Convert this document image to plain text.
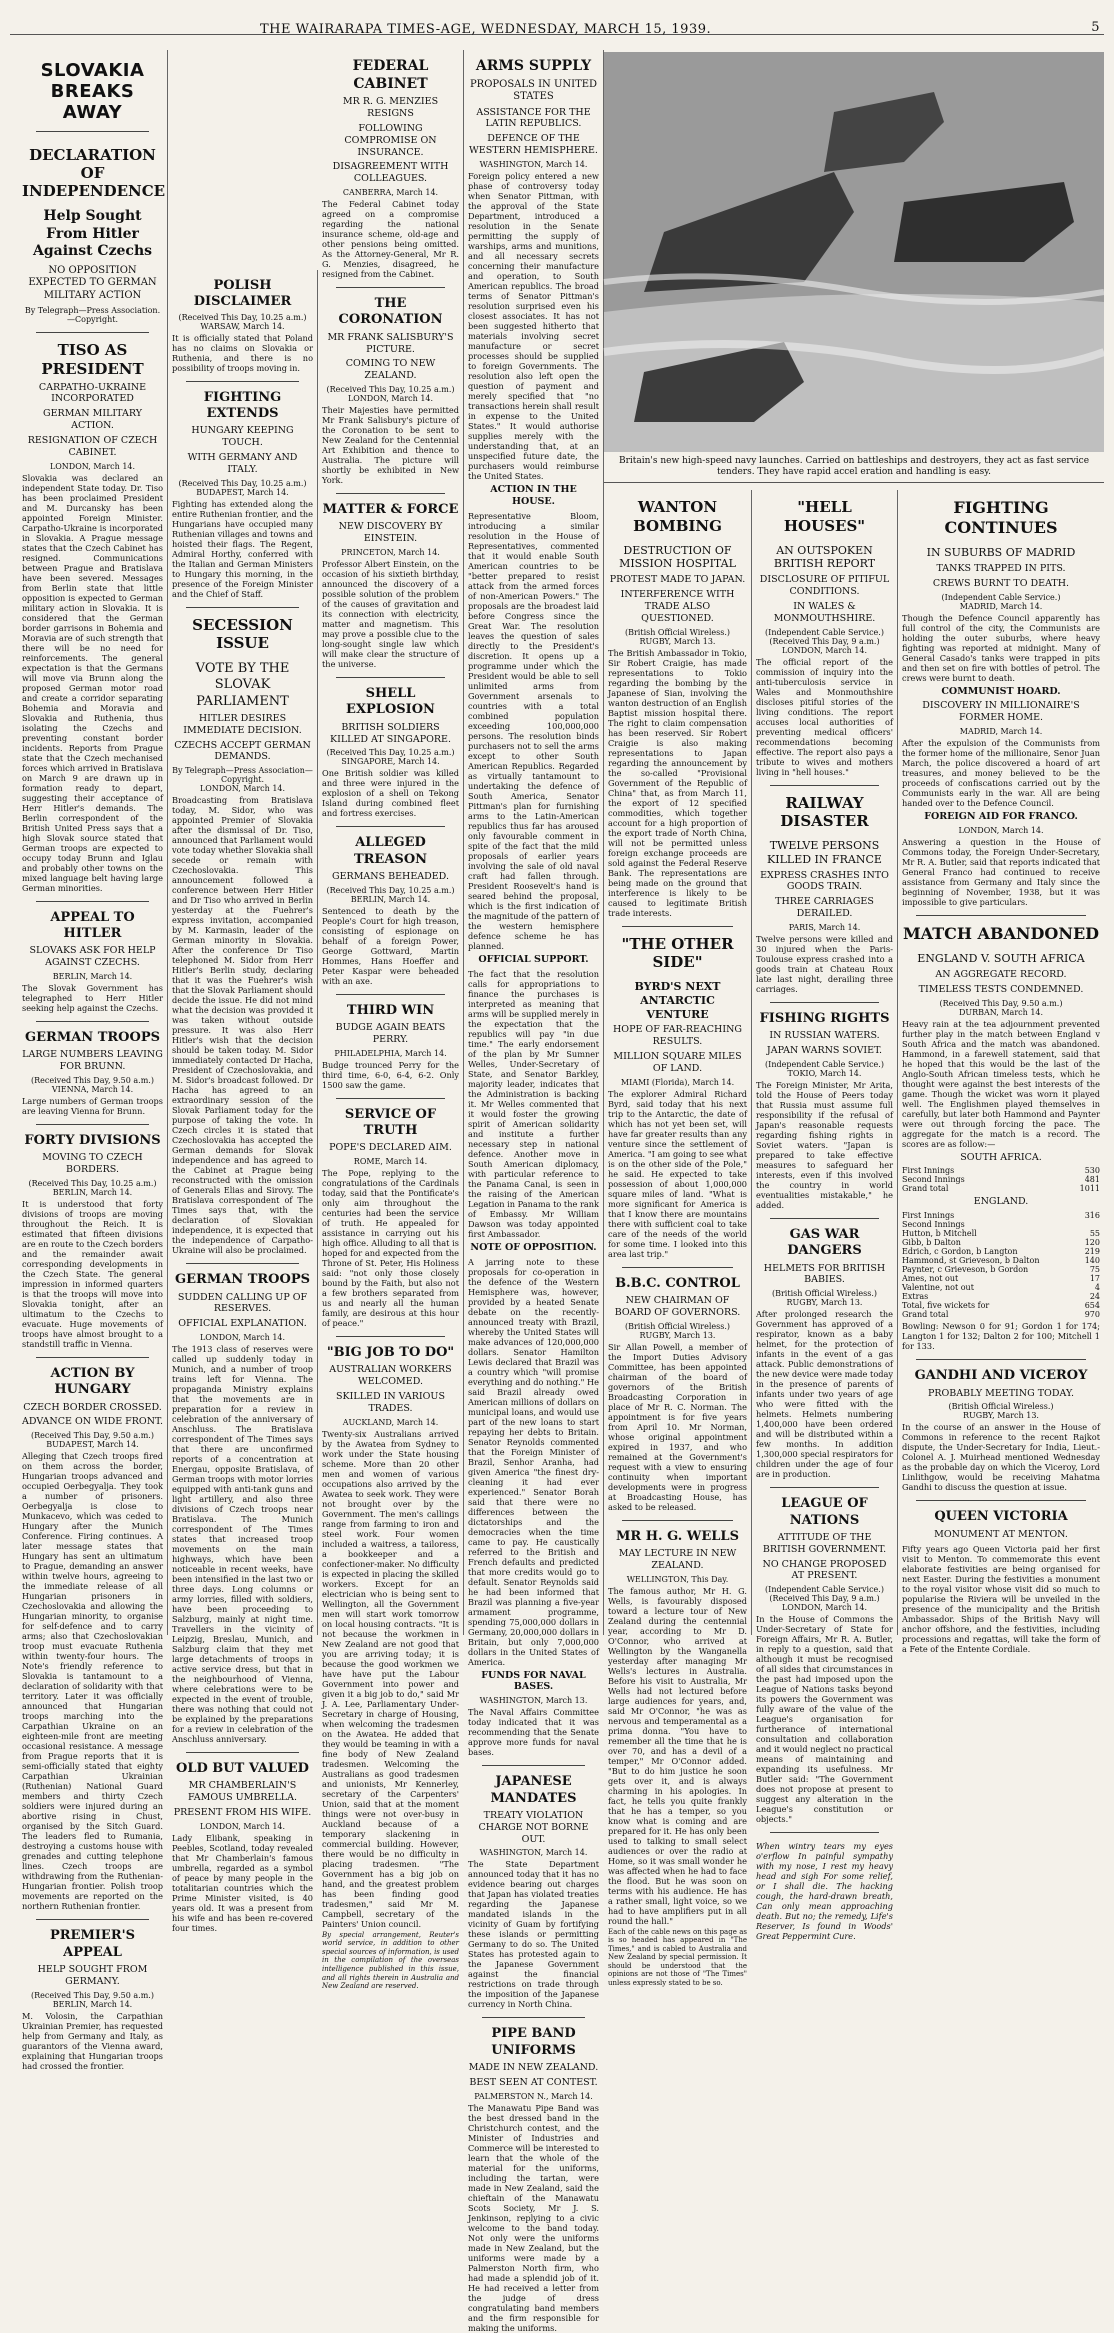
THE WAIRARAPA TIMES-AGE, WEDNESDAY, MARCH 15, 1939.	5
SLOVAKIA BREAKS AWAY
DECLARATION OF INDEPENDENCE
Help Sought From Hitler Against Czechs
NO OPPOSITION EXPECTED TO GERMAN MILITARY ACTION
By Telegraph—Press Association.—Copyright.
TISO AS PRESIDENT
CARPATHO-UKRAINE INCORPORATED
GERMAN MILITARY ACTION.
RESIGNATION OF CZECH CABINET.
LONDON, March 14.
Slovakia was declared an independent State today. Dr. Tiso has been proclaimed President and M. Durcansky has been appointed Foreign Minister. Carpatho-Ukraine is incorporated in Slovakia. A Prague message states that the Czech Cabinet has resigned. Communications between Prague and Bratislava have been severed. Messages from Berlin state that little opposition is expected to German military action in Slovakia. It is considered that the German border garrisons in Bohemia and Moravia are of such strength that there will be no need for reinforcements. The general expectation is that the Germans will move via Brunn along the proposed German motor road and create a corridor separating Bohemia and Moravia and Slovakia and Ruthenia, thus isolating the Czechs and preventing constant border incidents. Reports from Prague state that the Czech mechanised forces which arrived in Bratislava on March 9 are drawn up in formation ready to depart, suggesting their acceptance of Herr Hitler's demands. The Berlin correspondent of the British United Press says that a high Slovak source stated that German troops are expected to occupy today Brunn and Iglau and probably other towns on the mixed language belt having large German minorities.
APPEAL TO HITLER
SLOVAKS ASK FOR HELP AGAINST CZECHS.
BERLIN, March 14.
The Slovak Government has telegraphed to Herr Hitler seeking help against the Czechs.
GERMAN TROOPS
LARGE NUMBERS LEAVING FOR BRUNN.
(Received This Day, 9.50 a.m.)
VIENNA, March 14.
Large numbers of German troops are leaving Vienna for Brunn.
FORTY DIVISIONS
MOVING TO CZECH BORDERS.
(Received This Day, 10.25 a.m.)
BERLIN, March 14.
It is understood that forty divisions of troops are moving throughout the Reich. It is estimated that fifteen divisions are en route to the Czech borders and the remainder await corresponding developments in the Czech State. The general impression in informed quarters is that the troops will move into Slovakia tonight, after an ultimatum to the Czechs to evacuate. Huge movements of troops have almost brought to a standstill traffic in Vienna.
ACTION BY HUNGARY
CZECH BORDER CROSSED.
ADVANCE ON WIDE FRONT.
(Received This Day, 9.50 a.m.)
BUDAPEST, March 14.
Alleging that Czech troops fired on them across the border, Hungarian troops advanced and occupied Oerbegyalja. They took a number of prisoners. Oerbegyalja is close to Munkacevo, which was ceded to Hungary after the Munich Conference. Firing continues. A later message states that Hungary has sent an ultimatum to Prague, demanding an answer within twelve hours, agreeing to the immediate release of all Hungarian prisoners in Czechoslovakia and allowing the Hungarian minority, to organise for self-defence and to carry arms; also that Czechoslovakian troop must evacuate Ruthenia within twenty-four hours. The Note's friendly reference to Slovakia is tantamount to a declaration of solidarity with that territory. Later it was officially announced that Hungarian troops marching into the Carpathian Ukraine on an eighteen-mile front are meeting occasional resistance. A message from Prague reports that it is semi-officially stated that eighty Carpathian Ukrainian (Ruthenian) National Guard members and thirty Czech soldiers were injured during an abortive rising in Chust, organised by the Sitch Guard. The leaders fled to Rumania, destroying a customs house with grenades and cutting telephone lines. Czech troops are withdrawing from the Ruthenian-Hungarian frontier. Polish troop movements are reported on the northern Ruthenian frontier.
PREMIER'S APPEAL
HELP SOUGHT FROM GERMANY.
(Received This Day, 9.50 a.m.)
BERLIN, March 14.
M. Volosin, the Carpathian Ukrainian Premier, has requested help from Germany and Italy, as guarantors of the Vienna award, explaining that Hungarian troops had crossed the frontier.
POLISH DISCLAIMER
(Received This Day, 10.25 a.m.)
WARSAW, March 14.
It is officially stated that Poland has no claims on Slovakia or Ruthenia, and there is no possibility of troops moving in.
FIGHTING EXTENDS
HUNGARY KEEPING TOUCH.
WITH GERMANY AND ITALY.
(Received This Day, 10.25 a.m.)
BUDAPEST, March 14.
Fighting has extended along the entire Ruthenian frontier, and the Hungarians have occupied many Ruthenian villages and towns and hoisted their flags. The Regent, Admiral Horthy, conferred with the Italian and German Ministers to Hungary this morning, in the presence of the Foreign Minister and the Chief of Staff.
SECESSION ISSUE
VOTE BY THE SLOVAK PARLIAMENT
HITLER DESIRES IMMEDIATE DECISION.
CZECHS ACCEPT GERMAN DEMANDS.
By Telegraph—Press Association—Copyright.
LONDON, March 14.
Broadcasting from Bratislava today, M. Sidor, who was appointed Premier of Slovakia after the dismissal of Dr. Tiso, announced that Parliament would vote today whether Slovakia shall secede or remain with Czechoslovakia. This announcement followed a conference between Herr Hitler and Dr Tiso who arrived in Berlin yesterday at the Fuehrer's express invitation, accompanied by M. Karmasin, leader of the German minority in Slovakia. After the conference Dr Tiso telephoned M. Sidor from Herr Hitler's Berlin study, declaring that it was the Fuehrer's wish that the Slovak Parliament should decide the issue. He did not mind what the decision was provided it was taken without outside pressure. It was also Herr Hitler's wish that the decision should be taken today. M. Sidor immediately contacted Dr Hacha, President of Czechoslovakia, and M. Sidor's broadcast followed. Dr Hacha has agreed to an extraordinary session of the Slovak Parliament today for the purpose of taking the vote. In Czech circles it is stated that Czechoslovakia has accepted the German demands for Slovak independence and has agreed to the Cabinet at Prague being reconstructed with the omission of Generals Elias and Sirovy. The Bratislava correspondent of The Times says that, with the declaration of Slovakian independence, it is expected that the independence of Carpatho-Ukraine will also be proclaimed.
GERMAN TROOPS
SUDDEN CALLING UP OF RESERVES.
OFFICIAL EXPLANATION.
LONDON, March 14.
The 1913 class of reserves were called up suddenly today in Munich, and a number of troop trains left for Vienna. The propaganda Ministry explains that the movements are in preparation for a review in celebration of the anniversary of Anschluss. The Bratislava correspondent of The Times says that there are unconfirmed reports of a concentration at Energau, opposite Bratislava, of German troops with motor lorries equipped with anti-tank guns and light artillery, and also three divisions of Czech troops near Bratislava. The Munich correspondent of The Times states that increased troop movements on the main highways, which have been noticeable in recent weeks, have been intensified in the last two or three days. Long columns or army lorries, filled with soldiers, have been proceeding to Salzburg, mainly at night time. Travellers in the vicinity of Leipzig, Breslau, Munich, and Salzburg claim that they met large detachments of troops in active service dress, but that in the neighbourhood of Vienna, where celebrations were to be expected in the event of trouble, there was nothing that could not be explained by the preparations for a review in celebration of the Anschluss anniversary.
OLD BUT VALUED
MR CHAMBERLAIN'S FAMOUS UMBRELLA.
PRESENT FROM HIS WIFE.
LONDON, March 14.
Lady Elibank, speaking in Peebles, Scotland, today revealed that Mr Chamberlain's famous umbrella, regarded as a symbol of peace by many people in the totalitarian countries which the Prime Minister visited, is 40 years old. It was a present from his wife and has been re-covered four times.
FEDERAL CABINET
MR R. G. MENZIES RESIGNS
FOLLOWING COMPROMISE ON INSURANCE.
DISAGREEMENT WITH COLLEAGUES.
CANBERRA, March 14.
The Federal Cabinet today agreed on a compromise regarding the national insurance scheme, old-age and other pensions being omitted. As the Attorney-General, Mr R. G. Menzies, disagreed, he resigned from the Cabinet.
THE CORONATION
MR FRANK SALISBURY'S PICTURE.
COMING TO NEW ZEALAND.
(Received This Day, 10.25 a.m.)
LONDON, March 14.
Their Majesties have permitted Mr Frank Salisbury's picture of the Coronation to be sent to New Zealand for the Centennial Art Exhibition and thence to Australia. The picture will shortly be exhibited in New York.
MATTER & FORCE
NEW DISCOVERY BY EINSTEIN.
PRINCETON, March 14.
Professor Albert Einstein, on the occasion of his sixtieth birthday, announced the discovery of a possible solution of the problem of the causes of gravitation and its connection with electricity, matter and magnetism. This may prove a possible clue to the long-sought single law which will make clear the structure of the universe.
SHELL EXPLOSION
BRITISH SOLDIERS KILLED AT SINGAPORE.
(Received This Day, 10.25 a.m.)
SINGAPORE, March 14.
One British soldier was killed and three were injured in the explosion of a shell on Tekong Island during combined fleet and fortress exercises.
ALLEGED TREASON
GERMANS BEHEADED.
(Received This Day, 10.25 a.m.)
BERLIN, March 14.
Sentenced to death by the People's Court for high treason, consisting of espionage on behalf of a foreign Power, George Gottward, Martin Hommes, Hans Hoeffer and Peter Kaspar were beheaded with an axe.
THIRD WIN
BUDGE AGAIN BEATS PERRY.
PHILADELPHIA, March 14.
Budge trounced Perry for the third time, 6-0, 6-4, 6-2. Only 1500 saw the game.
SERVICE OF TRUTH
POPE'S DECLARED AIM.
ROME, March 14.
The Pope, replying to the congratulations of the Cardinals today, said that the Pontificate's only aim throughout the centuries had been the service of truth. He appealed for assistance in carrying out his high office. Alluding to all that is hoped for and expected from the Throne of St. Peter, His Holiness said: "not only those closely bound by the Faith, but also not a few brothers separated from us and nearly all the human family, are desirous at this hour of peace."
"BIG JOB TO DO"
AUSTRALIAN WORKERS WELCOMED.
SKILLED IN VARIOUS TRADES.
AUCKLAND, March 14.
Twenty-six Australians arrived by the Awatea from Sydney to work under the State housing scheme. More than 20 other men and women of various occupations also arrived by the Awatea to seek work. They were not brought over by the Government. The men's callings range from farming to iron and steel work. Four women included a waitress, a tailoress, a bookkeeper and a confectioner-maker. No difficulty is expected in placing the skilled workers. Except for an electrician who is being sent to Wellington, all the Government men will start work tomorrow on local housing contracts. "It is not because the workmen in New Zealand are not good that you are arriving today; it is because the good workmen we have have put the Labour Government into power and given it a big job to do," said Mr J. A. Lee, Parliamentary Under-Secretary in charge of Housing, when welcoming the tradesmen on the Awatea. He added that they would be teaming in with a fine body of New Zealand tradesmen. Welcoming the Australians as good tradesmen and unionists, Mr Kennerley, secretary of the Carpenters' Union, said that at the moment things were not over-busy in Auckland because of a temporary slackening in commercial building. However, there would be no difficulty in placing tradesmen. "The Government has a big job on hand, and the greatest problem has been finding good tradesmen," said Mr M. Campbell, secretary of the Painters' Union council.
By special arrangement, Reuter's world service, in addition to other special sources of information, is used in the compilation of the overseas intelligence published in this issue, and all rights therein in Australia and New Zealand are reserved.
ARMS SUPPLY
PROPOSALS IN UNITED STATES
ASSISTANCE FOR THE LATIN REPUBLICS.
DEFENCE OF THE WESTERN HEMISPHERE.
WASHINGTON, March 14.
Foreign policy entered a new phase of controversy today when Senator Pittman, with the approval of the State Department, introduced a resolution in the Senate permitting the supply of warships, arms and munitions, and all necessary secrets concerning their manufacture and operation, to South American republics. The broad terms of Senator Pittman's resolution surprised even his closest associates. It has not been suggested hitherto that materials involving secret manufacture or secret processes should be supplied to foreign Governments. The resolution also left open the question of payment and merely specified that "no transactions herein shall result in expense to the United States." It would authorise supplies merely with the understanding that, at an unspecified future date, the purchasers would reimburse the United States.
ACTION IN THE HOUSE.
Representative Bloom, introducing a similar resolution in the House of Representatives, commented that it would enable South American countries to be "better prepared to resist attack from the armed forces of non-American Powers." The proposals are the broadest laid before Congress since the Great War. The resolution leaves the question of sales directly to the President's discretion. It opens up a programme under which the President would be able to sell unlimited arms from Government arsenals to countries with a total combined population exceeding 100,000,000 persons. The resolution binds purchasers not to sell the arms except to other South American Republics. Regarded as virtually tantamount to undertaking the defence of South America, Senator Pittman's plan for furnishing arms to the Latin-American republics thus far has aroused only favourable comment in spite of the fact that the mild proposals of earlier years involving the sale of old naval craft had fallen through. President Roosevelt's hand is seared behind the proposal, which is the first indication of the magnitude of the pattern of the western hemisphere defence scheme he has planned.
OFFICIAL SUPPORT.
The fact that the resolution calls for appropriations to finance the purchases is interpreted as meaning that arms will be supplied merely in the expectation that the republics will pay "in due time." The early endorsement of the plan by Mr Sumner Welles, Under-Secretary of State, and Senator Barkley, majority leader, indicates that the Administration is backing it. Mr Welles commented that it would foster the growing spirit of American solidarity and institute a further necessary step in national defence. Another move in South American diplomacy, with particular reference to the Panama Canal, is seen in the raising of the American Legation in Panama to the rank of Embassy. Mr William Dawson was today appointed first Ambassador.
NOTE OF OPPOSITION.
A jarring note to these proposals for co-operation in the defence of the Western Hemisphere was, however, provided by a heated Senate debate on the recently-announced treaty with Brazil, whereby the United States will make advances of 120,000,000 dollars. Senator Hamilton Lewis declared that Brazil was a country which "will promise everything and do nothing." He said Brazil already owed American millions of dollars on municipal loans, and would use part of the new loans to start repaying her debts to Britain. Senator Reynolds commented that the Foreign Minister of Brazil, Senhor Aranha, had given America "the finest dry-cleaning it had ever experienced." Senator Borah said that there were no differences between the dictatorships and the democracies when the time came to pay. He caustically referred to the British and French defaults and predicted that more credits would go to default. Senator Reynolds said he had been informed that Brazil was planning a five-year armament programme, spending 75,000,000 dollars in Germany, 20,000,000 dollars in Britain, but only 7,000,000 dollars in the United States of America.
FUNDS FOR NAVAL BASES.
WASHINGTON, March 13.
The Naval Affairs Committee today indicated that it was recommending that the Senate approve more funds for naval bases.
JAPANESE MANDATES
TREATY VIOLATION CHARGE NOT BORNE OUT.
WASHINGTON, March 14.
The State Department announced today that it has no evidence bearing out charges that Japan has violated treaties regarding the Japanese mandated islands in the vicinity of Guam by fortifying these islands or permitting Germany to do so. The United States has protested again to the Japanese Government against the financial restrictions on trade through the imposition of the Japanese currency in North China.
PIPE BAND UNIFORMS
MADE IN NEW ZEALAND.
BEST SEEN AT CONTEST.
PALMERSTON N., March 14.
The Manawatu Pipe Band was the best dressed band in the Christchurch contest, and the Minister of Industries and Commerce will be interested to learn that the whole of the material for the uniforms, including the tartan, were made in New Zealand, said the chieftain of the Manawatu Scots Society, Mr J. S. Jenkinson, replying to a civic welcome to the band today. Not only were the uniforms made in New Zealand, but the uniforms were made by a Palmerston North firm, who had made a splendid job of it. He had received a letter from the judge of dress congratulating band members and the firm responsible for making the uniforms.
Britain's new high-speed navy launches. Carried on battleships and destroyers, they act as fast service tenders. They have rapid accel eration and handling is easy.
WANTON BOMBING
DESTRUCTION OF MISSION HOSPITAL
PROTEST MADE TO JAPAN.
INTERFERENCE WITH TRADE ALSO QUESTIONED.
(British Official Wireless.)
RUGBY, March 13.
The British Ambassador in Tokio, Sir Robert Craigie, has made representations to Tokio regarding the bombing by the Japanese of Sian, involving the wanton destruction of an English Baptist mission hospital there. The right to claim compensation has been reserved. Sir Robert Craigie is also making representations to Japan regarding the announcement by the so-called "Provisional Government of the Republic of China" that, as from March 11, the export of 12 specified commodities, which together account for a high proportion of the export trade of North China, will not be permitted unless foreign exchange proceeds are sold against the Federal Reserve Bank. The representations are being made on the ground that interference is likely to be caused to legitimate British trade interests.
"THE OTHER SIDE"
BYRD'S NEXT ANTARCTIC VENTURE
HOPE OF FAR-REACHING RESULTS.
MILLION SQUARE MILES OF LAND.
MIAMI (Florida), March 14.
The explorer Admiral Richard Byrd, said today that his next trip to the Antarctic, the date of which has not yet been set, will have far greater results than any venture since the settlement of America. "I am going to see what is on the other side of the Pole," he said. He expected to take possession of about 1,000,000 square miles of land. "What is more significant for America is that I know there are mountains there with sufficient coal to take care of the needs of the world for some time. I looked into this area last trip."
B.B.C. CONTROL
NEW CHAIRMAN OF BOARD OF GOVERNORS.
(British Official Wireless.)
RUGBY, March 13.
Sir Allan Powell, a member of the Import Duties Advisory Committee, has been appointed chairman of the board of governors of the British Broadcasting Corporation in place of Mr R. C. Norman. The appointment is for five years from April 10. Mr Norman, whose original appointment expired in 1937, and who remained at the Government's request with a view to ensuring continuity when important developments were in progress at Broadcasting House, has asked to be released.
MR H. G. WELLS
MAY LECTURE IN NEW ZEALAND.
WELLINGTON, This Day.
The famous author, Mr H. G. Wells, is favourably disposed toward a lecture tour of New Zealand during the centennial year, according to Mr D. O'Connor, who arrived at Wellington by the Wanganella yesterday after managing Mr Wells's lectures in Australia. Before his visit to Australia, Mr Wells had not lectured before large audiences for years, and, said Mr O'Connor, "he was as nervous and temperamental as a prima donna. "You have to remember all the time that he is over 70, and has a devil of a temper," Mr O'Connor added. "But to do him justice he soon gets over it, and is always charming in his apologies. In fact, he tells you quite frankly that he has a temper, so you know what is coming and are prepared for it. He has only been used to talking to small select audiences or over the radio at Home, so it was small wonder he was affected when he had to face the flood. But he was soon on terms with his audience. He has a rather small, light voice, so we had to have amplifiers put in all round the hall."
Each of the cable news on this page as is so headed has appeared in "The Times," and is cabled to Australia and New Zealand by special permission. It should be understood that the opinions are not those of "The Times" unless expressly stated to be so.
"HELL HOUSES"
AN OUTSPOKEN BRITISH REPORT
DISCLOSURE OF PITIFUL CONDITIONS.
IN WALES & MONMOUTHSHIRE.
(Independent Cable Service.)
(Received This Day, 9 a.m.)
LONDON, March 14.
The official report of the commission of inquiry into the anti-tuberculosis service in Wales and Monmouthshire discloses pitiful stories of the living conditions. The report accuses local authorities of preventing medical officers' recommendations becoming effective. The report also pays a tribute to wives and mothers living in "hell houses."
RAILWAY DISASTER
TWELVE PERSONS KILLED IN FRANCE
EXPRESS CRASHES INTO GOODS TRAIN.
THREE CARRIAGES DERAILED.
PARIS, March 14.
Twelve persons were killed and 30 injured when the Paris-Toulouse express crashed into a goods train at Chateau Roux late last night, derailing three carriages.
FISHING RIGHTS
IN RUSSIAN WATERS.
JAPAN WARNS SOVIET.
(Independent Cable Service.)
TOKIO, March 14.
The Foreign Minister, Mr Arita, told the House of Peers today that Russia must assume full responsibility if the refusal of Japan's reasonable requests regarding fishing rights in Soviet waters. "Japan is prepared to take effective measures to safeguard her interests, even if this involved the country in world eventualities mistakable," he added.
GAS WAR DANGERS
HELMETS FOR BRITISH BABIES.
(British Official Wireless.)
RUGBY, March 13.
After prolonged research the Government has approved of a respirator, known as a baby helmet, for the protection of infants in the event of a gas attack. Public demonstrations of the new device were made today in the presence of parents of infants under two years of age who were fitted with the helmets. Helmets numbering 1,400,000 have been ordered and will be distributed within a few months. In addition 1,300,000 special respirators for children under the age of four are in production.
LEAGUE OF NATIONS
ATTITUDE OF THE BRITISH GOVERNMENT.
NO CHANGE PROPOSED AT PRESENT.
(Independent Cable Service.)
(Received This Day, 9 a.m.)
LONDON, March 14.
In the House of Commons the Under-Secretary of State for Foreign Affairs, Mr R. A. Butler, in reply to a question, said that although it must be recognised of all sides that circumstances in the past had imposed upon the League of Nations tasks beyond its powers the Government was fully aware of the value of the League's organisation for furtherance of international consultation and collaboration and it would neglect no practical means of maintaining and expanding its usefulness. Mr Butler said: "The Government does not propose at present to suggest any alteration in the League's constitution or objects."
When wintry tears my eyes o'erflow In painful sympathy with my nose, I rest my heavy head and sigh For some relief, or I shall die. The hacking cough, the hard-drawn breath, Can only mean approaching death. But no; the remedy, Life's Reserver, Is found in Woods' Great Peppermint Cure.
FIGHTING CONTINUES
IN SUBURBS OF MADRID
TANKS TRAPPED IN PITS.
CREWS BURNT TO DEATH.
(Independent Cable Service.)
MADRID, March 14.
Though the Defence Council apparently has full control of the city, the Communists are holding the outer suburbs, where heavy fighting was reported at midnight. Many of General Casado's tanks were trapped in pits and then set on fire with bottles of petrol. The crews were burnt to death.
COMMUNIST HOARD.
DISCOVERY IN MILLIONAIRE'S FORMER HOME.
MADRID, March 14.
After the expulsion of the Communists from the former home of the millionaire, Senor Juan March, the police discovered a hoard of art treasures, and money believed to be the proceeds of confiscations carried out by the Communists early in the war. All are being handed over to the Defence Council.
FOREIGN AID FOR FRANCO.
LONDON, March 14.
Answering a question in the House of Commons today, the Foreign Under-Secretary, Mr R. A. Butler, said that reports indicated that General Franco had continued to receive assistance from Germany and Italy since the beginning of November, 1938, but it was impossible to give particulars.
MATCH ABANDONED
ENGLAND V. SOUTH AFRICA
AN AGGREGATE RECORD.
TIMELESS TESTS CONDEMNED.
(Received This Day, 9.50 a.m.)
DURBAN, March 14.
Heavy rain at the tea adjournment prevented further play in the match between England v South Africa and the match was abandoned. Hammond, in a farewell statement, said that he hoped that this would be the last of the Anglo-South African timeless tests, which he thought were against the best interests of the game. Though the wicket was worn it played well. The Englishmen played themselves in carefully, but later both Hammond and Paynter were out through forcing the pace. The aggregate for the match is a record. The scores are as follow:—
SOUTH AFRICA.
First Innings	530
Second Innings	481
Grand total	1011
ENGLAND.
First Innings	316
Second Innings	
Hutton, b Mitchell	55
Gibb, b Dalton	120
Edrich, c Gordon, b Langton	219
Hammond, st Grieveson, b Dalton	140
Paynter, c Grieveson, b Gordon	75
Ames, not out	17
Valentine, not out	4
Extras	24
Total, five wickets for	654
Grand total	970
Bowling: Newson 0 for 91; Gordon 1 for 174; Langton 1 for 132; Dalton 2 for 100; Mitchell 1 for 133.
GANDHI AND VICEROY
PROBABLY MEETING TODAY.
(British Official Wireless.)
RUGBY, March 13.
In the course of an answer in the House of Commons in reference to the recent Rajkot dispute, the Under-Secretary for India, Lieut.-Colonel A. J. Muirhead mentioned Wednesday as the probable day on which the Viceroy, Lord Linlithgow, would be receiving Mahatma Gandhi to discuss the question at issue.
QUEEN VICTORIA
MONUMENT AT MENTON.
Fifty years ago Queen Victoria paid her first visit to Menton. To commemorate this event elaborate festivities are being organised for next Easter. During the festivities a monument to the royal visitor whose visit did so much to popularise the Riviera will be unveiled in the presence of the municipality and the British Ambassador. Ships of the British Navy will anchor offshore, and the festivities, including processions and regattas, will take the form of a Fete of the Entente Cordiale.
